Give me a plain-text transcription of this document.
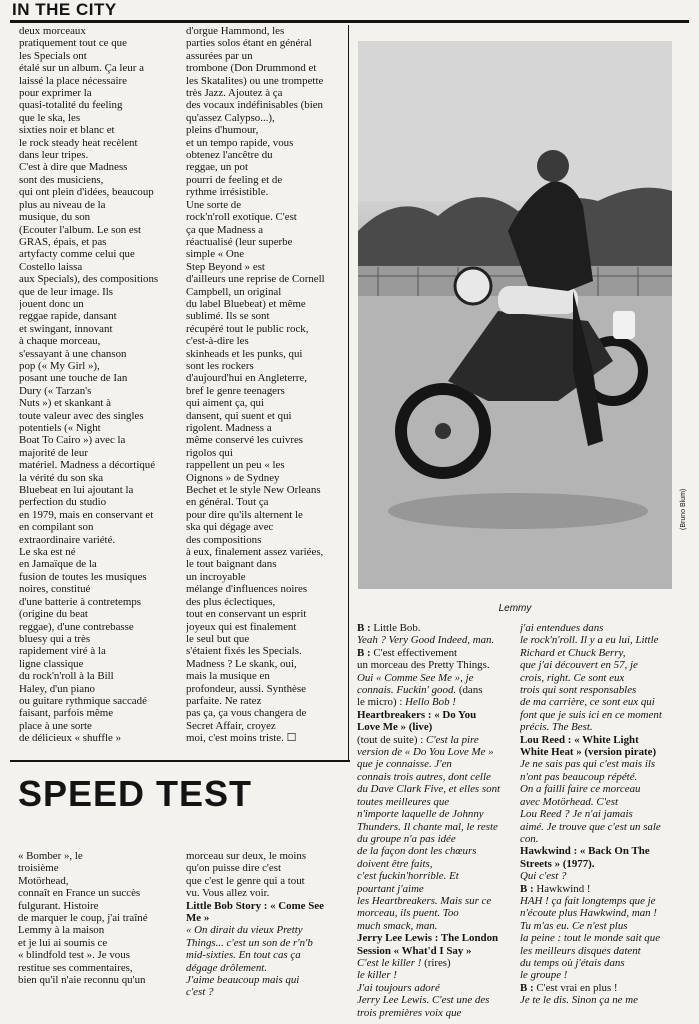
IN THE CITY

deux morceaux

pratiquement tout ce que

les Specials ont

étalé sur un album. Ça leur a

laissé la place nécessaire

pour exprimer la

quasi-totalité du feeling

que le ska, les

sixties noir et blanc et

le rock steady heat recèlent

dans leur tripes.

C'est à dire que Madness

sont des musiciens,

qui ont plein d'idées, beaucoup

plus au niveau de la

musique, du son

(Ecouter l'album. Le son est

GRAS, épais, et pas

artyfacty comme celui que

Costello laissa

aux Specials), des compositions

que de leur image. Ils

jouent donc un

reggae rapide, dansant

et swingant, innovant

à chaque morceau,

s'essayant à une chanson

pop (« My Girl »),

posant une touche de Ian

Dury (« Tarzan's

Nuts ») et skankant à

toute valeur avec des singles

potentiels (« Night

Boat To Cairo ») avec la

majorité de leur

matériel. Madness a décortiqué

la vérité du son ska

Bluebeat en lui ajoutant la

perfection du studio

en 1979, mais en conservant et

en compilant son

extraordinaire variété.

Le ska est né

en Jamaïque de la

fusion de toutes les musiques

noires, constitué

d'une batterie à contretemps

(origine du beat

reggae), d'une contrebasse

bluesy qui a très

rapidement viré à la

ligne classique

du rock'n'roll à la Bill

Haley, d'un piano

ou guitare rythmique saccadé

faisant, parfois même

place à une sorte

de délicieux « shuffle »

d'orgue Hammond, les

parties solos étant en général

assurées par un

trombone (Don Drummond et

les Skatalites) ou une trompette

très Jazz. Ajoutez à ça

des vocaux indéfinisables (bien

qu'assez Calypso...),

pleins d'humour,

et un tempo rapide, vous

obtenez l'ancêtre du

reggae, un pot

pourri de feeling et de

rythme irrésistible.

Une sorte de

rock'n'roll exotique. C'est

ça que Madness a

réactualisé (leur superbe

simple « One

Step Beyond » est

d'ailleurs une reprise de Cornell

Campbell, un original

du label Bluebeat) et même

sublimé. Ils se sont

récupéré tout le public rock,

c'est-à-dire les

skinheads et les punks, qui

sont les rockers

d'aujourd'hui en Angleterre,

bref le genre teenagers

qui aiment ça, qui

dansent, qui suent et qui

rigolent. Madness a

même conservé les cuivres

rigolos qui

rappellent un peu « les

Oignons » de Sydney

Bechet et le style New Orleans

en général. Tout ça

pour dire qu'ils alternent le

ska qui dégage avec

des compositions

à eux, finalement assez variées,

le tout baignant dans

un incroyable

mélange d'influences noires

des plus éclectiques,

tout en conservant un esprit

joyeux qui est finalement

le seul but que

s'étaient fixés les Specials.

Madness ? Le skank, oui,

mais la musique en

profondeur, aussi. Synthèse

parfaite. Ne ratez

pas ça, ça vous changera de

Secret Affair, croyez

moi, c'est moins triste. ☐

(Bruno Blum)
Lemmy

B : Little Bob.

Yeah ? Very Good Indeed, man.

B : C'est effectivement

un morceau des Pretty Things.

Oui « Comme See Me », je

connais. Fuckin' good. (dans

le micro) : Hello Bob !

Heartbreakers : « Do You

Love Me » (live)

(tout de suite) : C'est la pire

version de « Do You Love Me »

que je connaisse. J'en

connais trois autres, dont celle

du Dave Clark Five, et elles sont

toutes meilleures que

n'importe laquelle de Johnny

Thunders. Il chante mal, le reste

du groupe n'a pas idée

de la façon dont les chœurs

doivent être faits,

c'est fuckin'horrible. Et

pourtant j'aime

les Heartbreakers. Mais sur ce

morceau, ils puent. Too

much smack, man.

Jerry Lee Lewis : The London

Session « What'd I Say »

C'est le killer ! (rires)

le killer !

J'ai toujours adoré

Jerry Lee Lewis. C'est une des

trois premières voix que

j'ai entendues dans

le rock'n'roll. Il y a eu lui, Little

Richard et Chuck Berry,

que j'ai découvert en 57, je

crois, right. Ce sont eux

trois qui sont responsables

de ma carrière, ce sont eux qui

font que je suis ici en ce moment

précis. The Best.

Lou Reed : « White Light

White Heat » (version pirate)

Je ne sais pas qui c'est mais ils

n'ont pas beaucoup répété.

On a failli faire ce morceau

avec Motörhead. C'est

Lou Reed ? Je n'ai jamais

aimé. Je trouve que c'est un sale

con.

Hawkwind : « Back On The

Streets » (1977).

Qui c'est ?

B : Hawkwind !

HAH ! ça fait longtemps que je

n'écoute plus Hawkwind, man !

Tu m'as eu. Ce n'est plus

la peine : tout le monde sait que

les meilleurs disques datent

du temps où j'étais dans

le groupe !

B : C'est vrai en plus !

Je te le dis. Sinon ça ne me

SPEED TEST

« Bomber », le

troisième

Motörhead,

connaît en France un succès

fulgurant. Histoire

de marquer le coup, j'ai traîné

Lemmy à la maison

et je lui ai soumis ce

« blindfold test ». Je vous

restitue ses commentaires,

bien qu'il n'aie reconnu qu'un

morceau sur deux, le moins

qu'on puisse dire c'est

que c'est le genre qui a tout

vu. Vous allez voir.

Little Bob Story : « Come See

Me »

« On dirait du vieux Pretty

Things... c'est un son de r'n'b

mid-sixties. En tout cas ça

dégage drôlement.

J'aime beaucoup mais qui

c'est ?
